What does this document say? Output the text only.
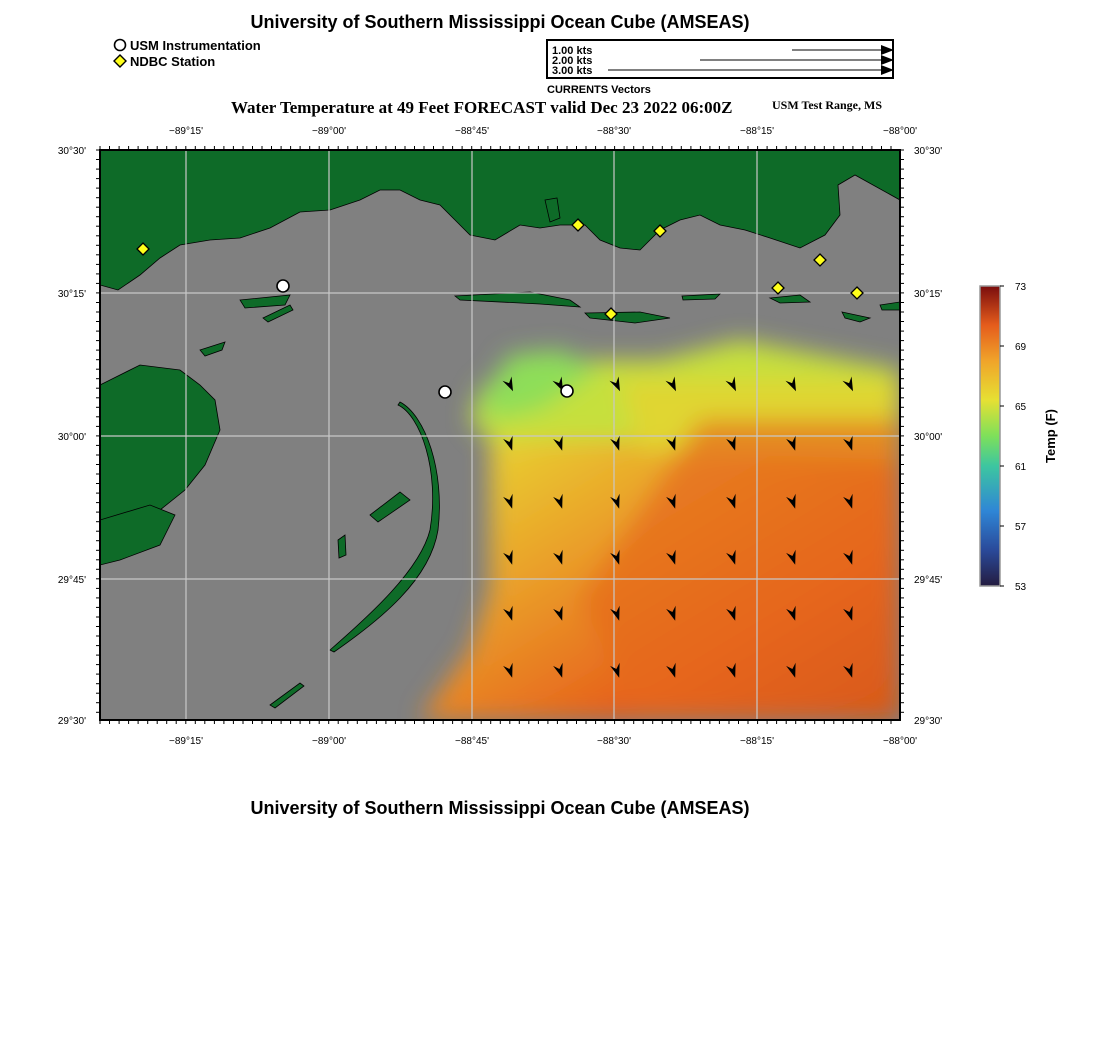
University of Southern Mississippi Ocean Cube (AMSEAS)
USM Instrumentation
NDBC Station
1.00 kts
2.00 kts
3.00 kts
CURRENTS Vectors
Water Temperature at 49 Feet FORECAST valid Dec 23 2022 06:00Z	USM Test Range, MS
−89°15'	−89°00'	−88°45'	−88°30'	−88°15'	−88°00'
−89°15'	−89°00'	−88°45'	−88°30'	−88°15'	−88°00'
30°30'
30°15'
30°00'
29°45'
29°30'
30°30'
30°15'
30°00'
29°45'
29°30'
73
69
65
61
57
53
Temp (F)
University of Southern Mississippi Ocean Cube (AMSEAS)
